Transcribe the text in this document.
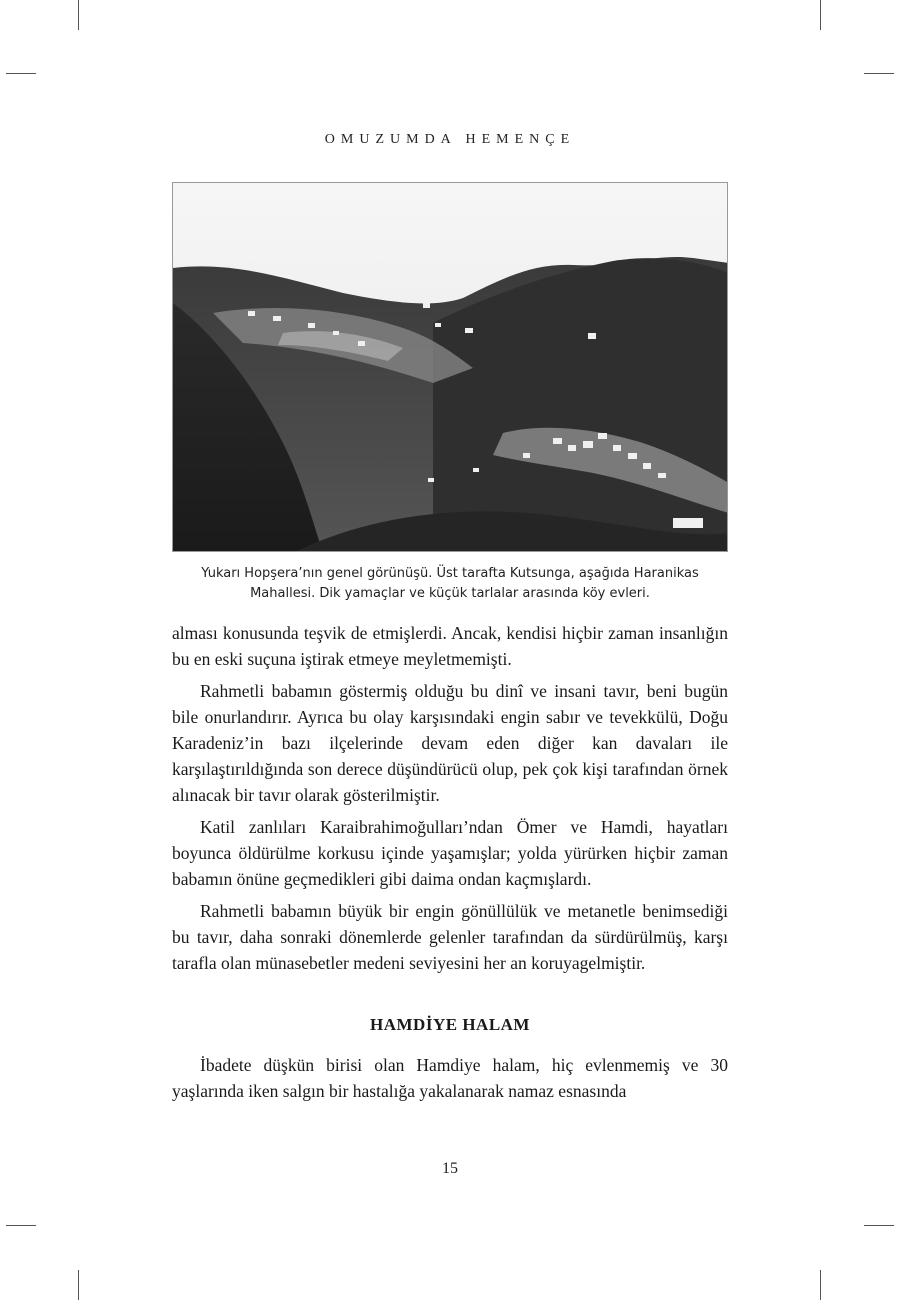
OMUZUMDA HEMENÇE
Yukarı Hopşera’nın genel görünüşü. Üst tarafta Kutsunga, aşağıda Haranikas
Mahallesi. Dik yamaçlar ve küçük tarlalar arasında köy evleri.

alması konusunda teşvik de etmişlerdi. Ancak, kendisi hiçbir zaman insanlığın bu en eski suçuna iştirak etmeye meyletmemişti.

Rahmetli babamın göstermiş olduğu bu dinî ve insani tavır, beni bugün bile onurlandırır. Ayrıca bu olay karşısındaki engin sabır ve tevekkülü, Doğu Karadeniz’in bazı ilçelerinde devam eden diğer kan davaları ile karşılaştırıldığında son derece düşündürücü olup, pek çok kişi tarafından örnek alınacak bir tavır olarak gösterilmiştir.

Katil zanlıları Karaibrahimoğulları’ndan Ömer ve Hamdi, hayatları boyunca öldürülme korkusu içinde yaşamışlar; yolda yürürken hiçbir zaman babamın önüne geçmedikleri gibi daima ondan kaçmışlardı.

Rahmetli babamın büyük bir engin gönüllülük ve metanetle benimsediği bu tavır, daha sonraki dönemlerde gelenler tarafından da sürdürülmüş, karşı tarafla olan münasebetler medeni seviyesini her an koruyagelmiştir.

HAMDİYE HALAM

İbadete düşkün birisi olan Hamdiye halam, hiç evlenmemiş ve 30 yaşlarında iken salgın bir hastalığa yakalanarak namaz esnasında

15
